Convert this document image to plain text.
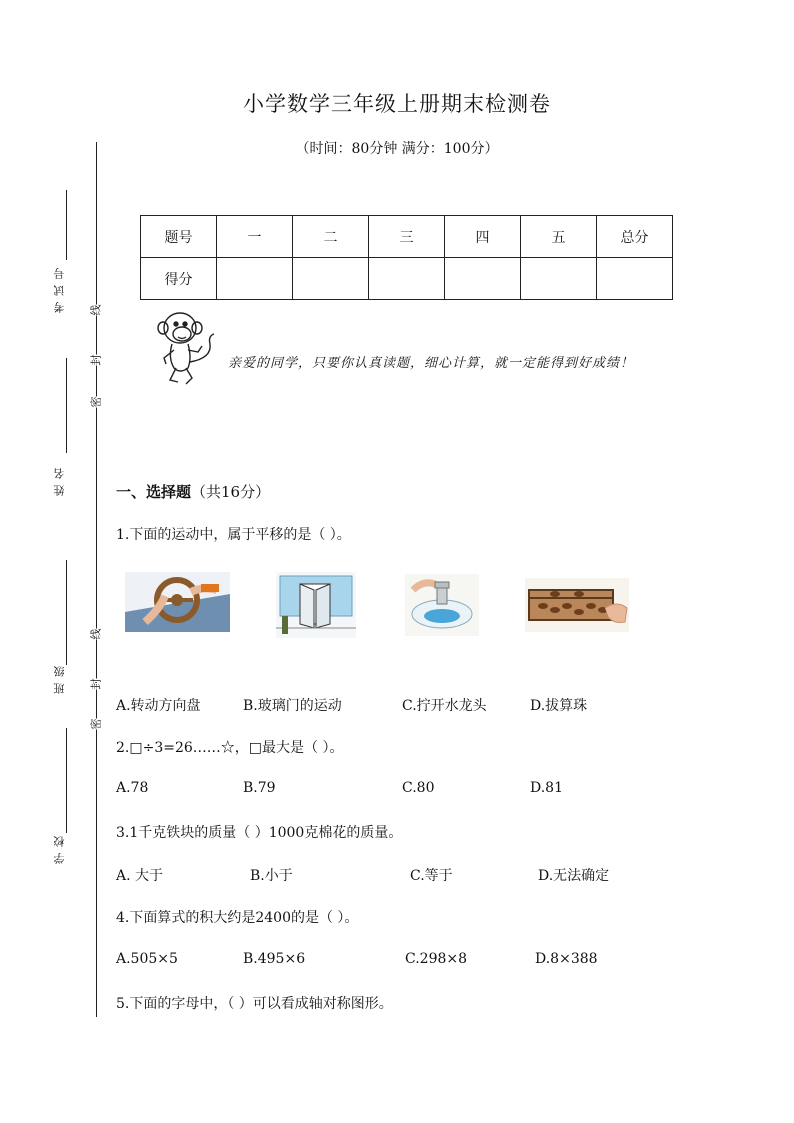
考试号
姓名
班级
学校
线
封
密
线
封
密
小学数学三年级上册期末检测卷
（时间：80分钟 满分：100分）
题号	一	二	三	四	五	总分
得分						
亲爱的同学，只要你认真读题，细心计算，就一定能得到好成绩！
一、选择题（共16分）
1.下面的运动中，属于平移的是（ ）。
A.转动方向盘	B.玻璃门的运动	C.拧开水龙头	D.拔算珠
2.□÷3=26……☆，□最大是（ ）。
A.78	B.79	C.80	D.81
3.1千克铁块的质量（ ）1000克棉花的质量。
A. 大于	B.小于	C.等于	D.无法确定
4.下面算式的积大约是2400的是（ ）。
A.505×5	B.495×6	C.298×8	D.8×388
5.下面的字母中，（ ）可以看成轴对称图形。
